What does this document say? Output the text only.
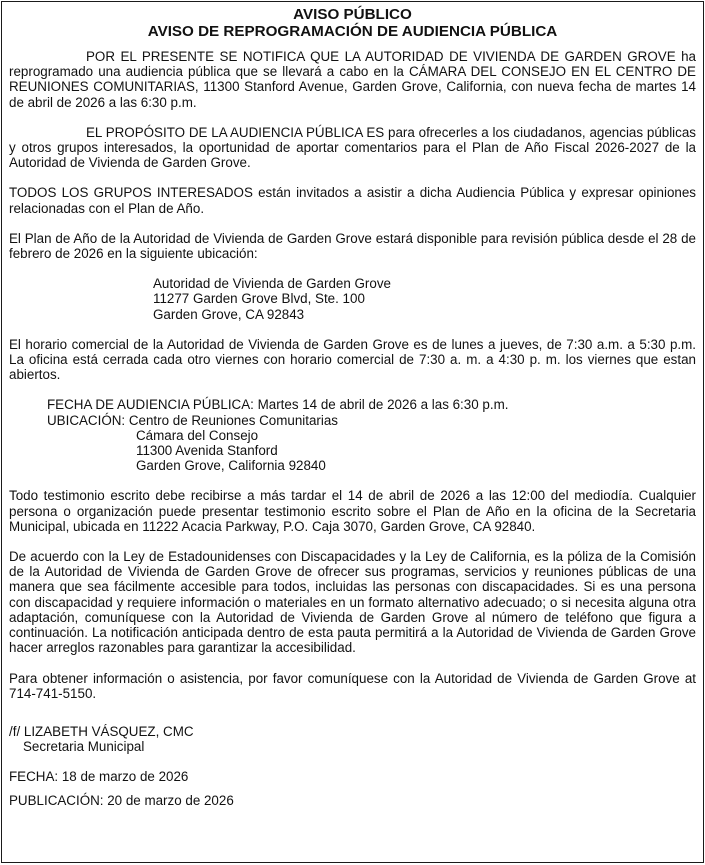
AVISO PÚBLICO

AVISO DE REPROGRAMACIÓN DE AUDIENCIA PÚBLICA

POR EL PRESENTE SE NOTIFICA QUE LA AUTORIDAD DE VIVIENDA DE GARDEN GROVE ha reprogramado una audiencia pública que se llevará a cabo en la CÁMARA DEL CONSEJO EN EL CENTRO DE REUNIONES COMUNITARIAS, 11300 Stanford Avenue, Garden Grove, California, con nueva fecha de martes 14 de abril de 2026 a las 6:30 p.m.

EL PROPÓSITO DE LA AUDIENCIA PÚBLICA ES para ofrecerles a los ciudadanos, agencias públicas y otros grupos interesados, la oportunidad de aportar comentarios para el Plan de Año Fiscal 2026-2027 de la Autoridad de Vivienda de Garden Grove.

TODOS LOS GRUPOS INTERESADOS están invitados a asistir a dicha Audiencia Pública y expresar opiniones relacionadas con el Plan de Año.

El Plan de Año de la Autoridad de Vivienda de Garden Grove estará disponible para revisión pública desde el 28 de febrero de 2026 en la siguiente ubicación:

Autoridad de Vivienda de Garden Grove
11277 Garden Grove Blvd, Ste. 100
Garden Grove, CA 92843

El horario comercial de la Autoridad de Vivienda de Garden Grove es de lunes a jueves, de 7:30 a.m. a 5:30 p.m. La oficina está cerrada cada otro viernes con horario comercial de 7:30 a. m. a 4:30 p. m. los viernes que estan abiertos.

FECHA DE AUDIENCIA PÚBLICA: Martes 14 de abril de 2026 a las 6:30 p.m.
UBICACIÓN: Centro de Reuniones Comunitarias
Cámara del Consejo
11300 Avenida Stanford
Garden Grove, California 92840

Todo testimonio escrito debe recibirse a más tardar el 14 de abril de 2026 a las 12:00 del mediodía. Cualquier persona o organización puede presentar testimonio escrito sobre el Plan de Año en la oficina de la Secretaria Municipal, ubicada en 11222 Acacia Parkway, P.O. Caja 3070, Garden Grove, CA 92840.

De acuerdo con la Ley de Estadounidenses con Discapacidades y la Ley de California, es la póliza de la Comisión de la Autoridad de Vivienda de Garden Grove de ofrecer sus programas, servicios y reuniones públicas de una manera que sea fácilmente accesible para todos, incluidas las personas con discapacidades. Si es una persona con discapacidad y requiere información o materiales en un formato alternativo adecuado; o si necesita alguna otra adaptación, comuníquese con la Autoridad de Vivienda de Garden Grove al número de teléfono que figura a continuación. La notificación anticipada dentro de esta pauta permitirá a la Autoridad de Vivienda de Garden Grove hacer arreglos razonables para garantizar la accesibilidad.

Para obtener información o asistencia, por favor comuníquese con la Autoridad de Vivienda de Garden Grove at 714-741-5150.

/f/ LIZABETH VÁSQUEZ, CMC
Secretaria Municipal
FECHA: 18 de marzo de 2026
PUBLICACIÓN: 20 de marzo de 2026
